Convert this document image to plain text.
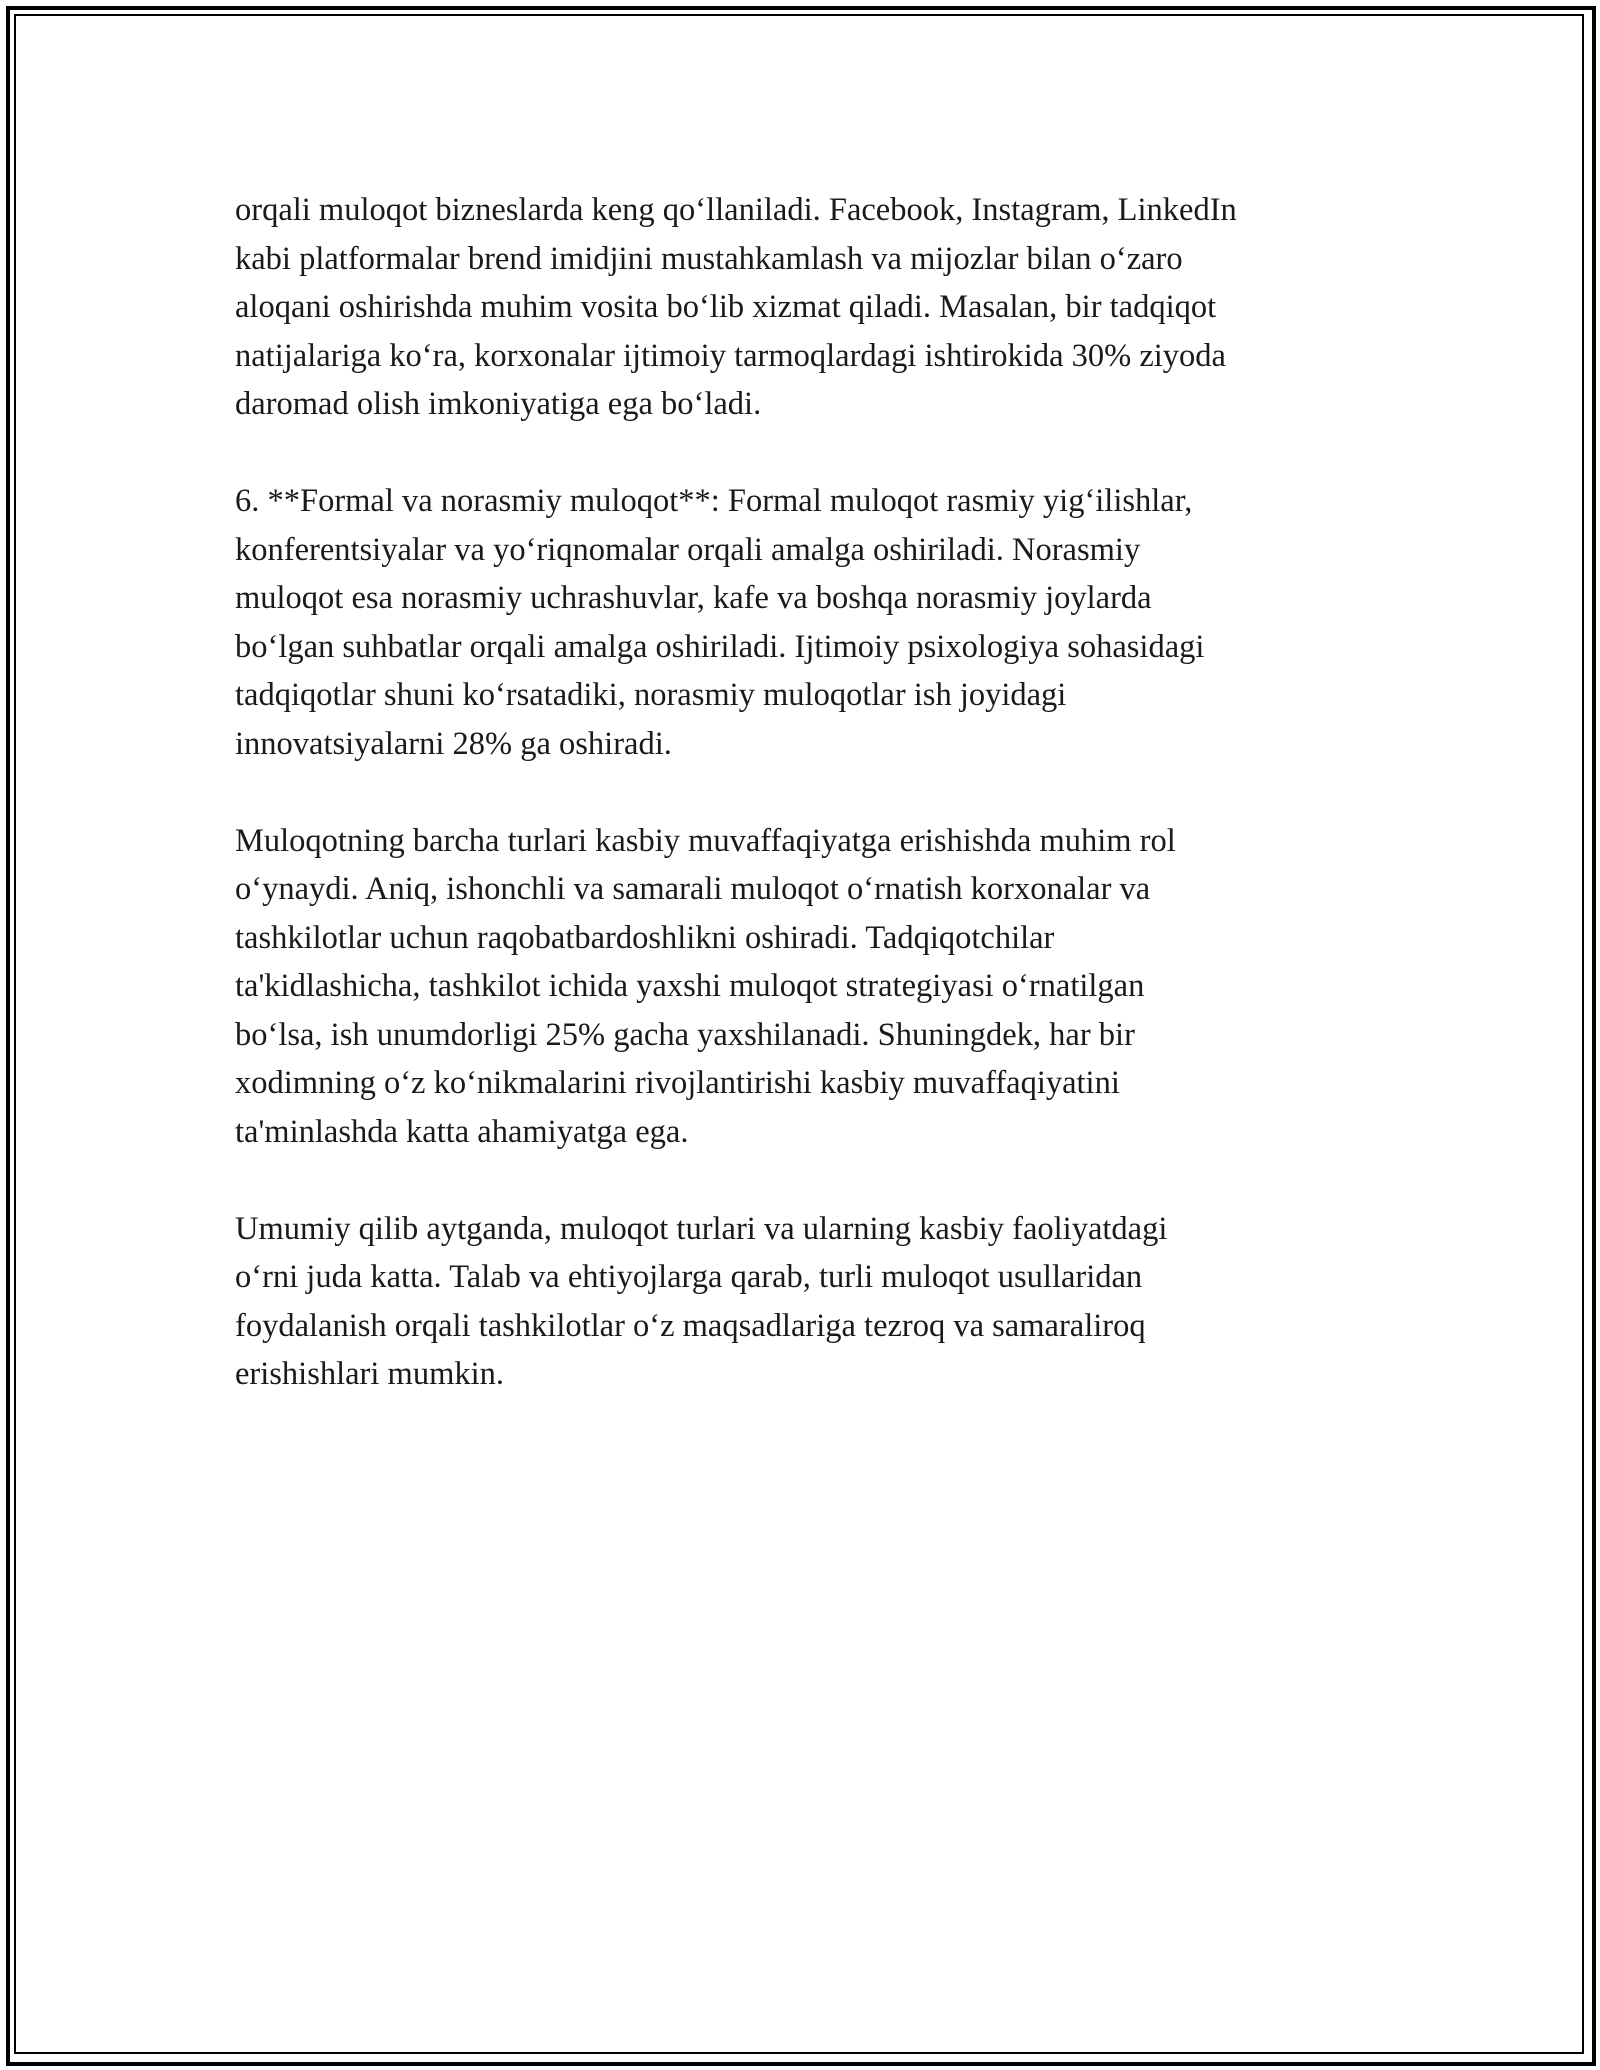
orqali muloqot bizneslarda keng qo‘llaniladi. Facebook, Instagram, LinkedIn
kabi platformalar brend imidjini mustahkamlash va mijozlar bilan o‘zaro
aloqani oshirishda muhim vosita bo‘lib xizmat qiladi. Masalan, bir tadqiqot
natijalariga ko‘ra, korxonalar ijtimoiy tarmoqlardagi ishtirokida 30% ziyoda
daromad olish imkoniyatiga ega bo‘ladi.

6. **Formal va norasmiy muloqot**: Formal muloqot rasmiy yig‘ilishlar,
konferentsiyalar va yo‘riqnomalar orqali amalga oshiriladi. Norasmiy
muloqot esa norasmiy uchrashuvlar, kafe va boshqa norasmiy joylarda
bo‘lgan suhbatlar orqali amalga oshiriladi. Ijtimoiy psixologiya sohasidagi
tadqiqotlar shuni ko‘rsatadiki, norasmiy muloqotlar ish joyidagi
innovatsiyalarni 28% ga oshiradi.

Muloqotning barcha turlari kasbiy muvaffaqiyatga erishishda muhim rol
o‘ynaydi. Aniq, ishonchli va samarali muloqot o‘rnatish korxonalar va
tashkilotlar uchun raqobatbardoshlikni oshiradi. Tadqiqotchilar
ta'kidlashicha, tashkilot ichida yaxshi muloqot strategiyasi o‘rnatilgan
bo‘lsa, ish unumdorligi 25% gacha yaxshilanadi. Shuningdek, har bir
xodimning o‘z ko‘nikmalarini rivojlantirishi kasbiy muvaffaqiyatini
ta'minlashda katta ahamiyatga ega.

Umumiy qilib aytganda, muloqot turlari va ularning kasbiy faoliyatdagi
o‘rni juda katta. Talab va ehtiyojlarga qarab, turli muloqot usullaridan
foydalanish orqali tashkilotlar o‘z maqsadlariga tezroq va samaraliroq
erishishlari mumkin.
